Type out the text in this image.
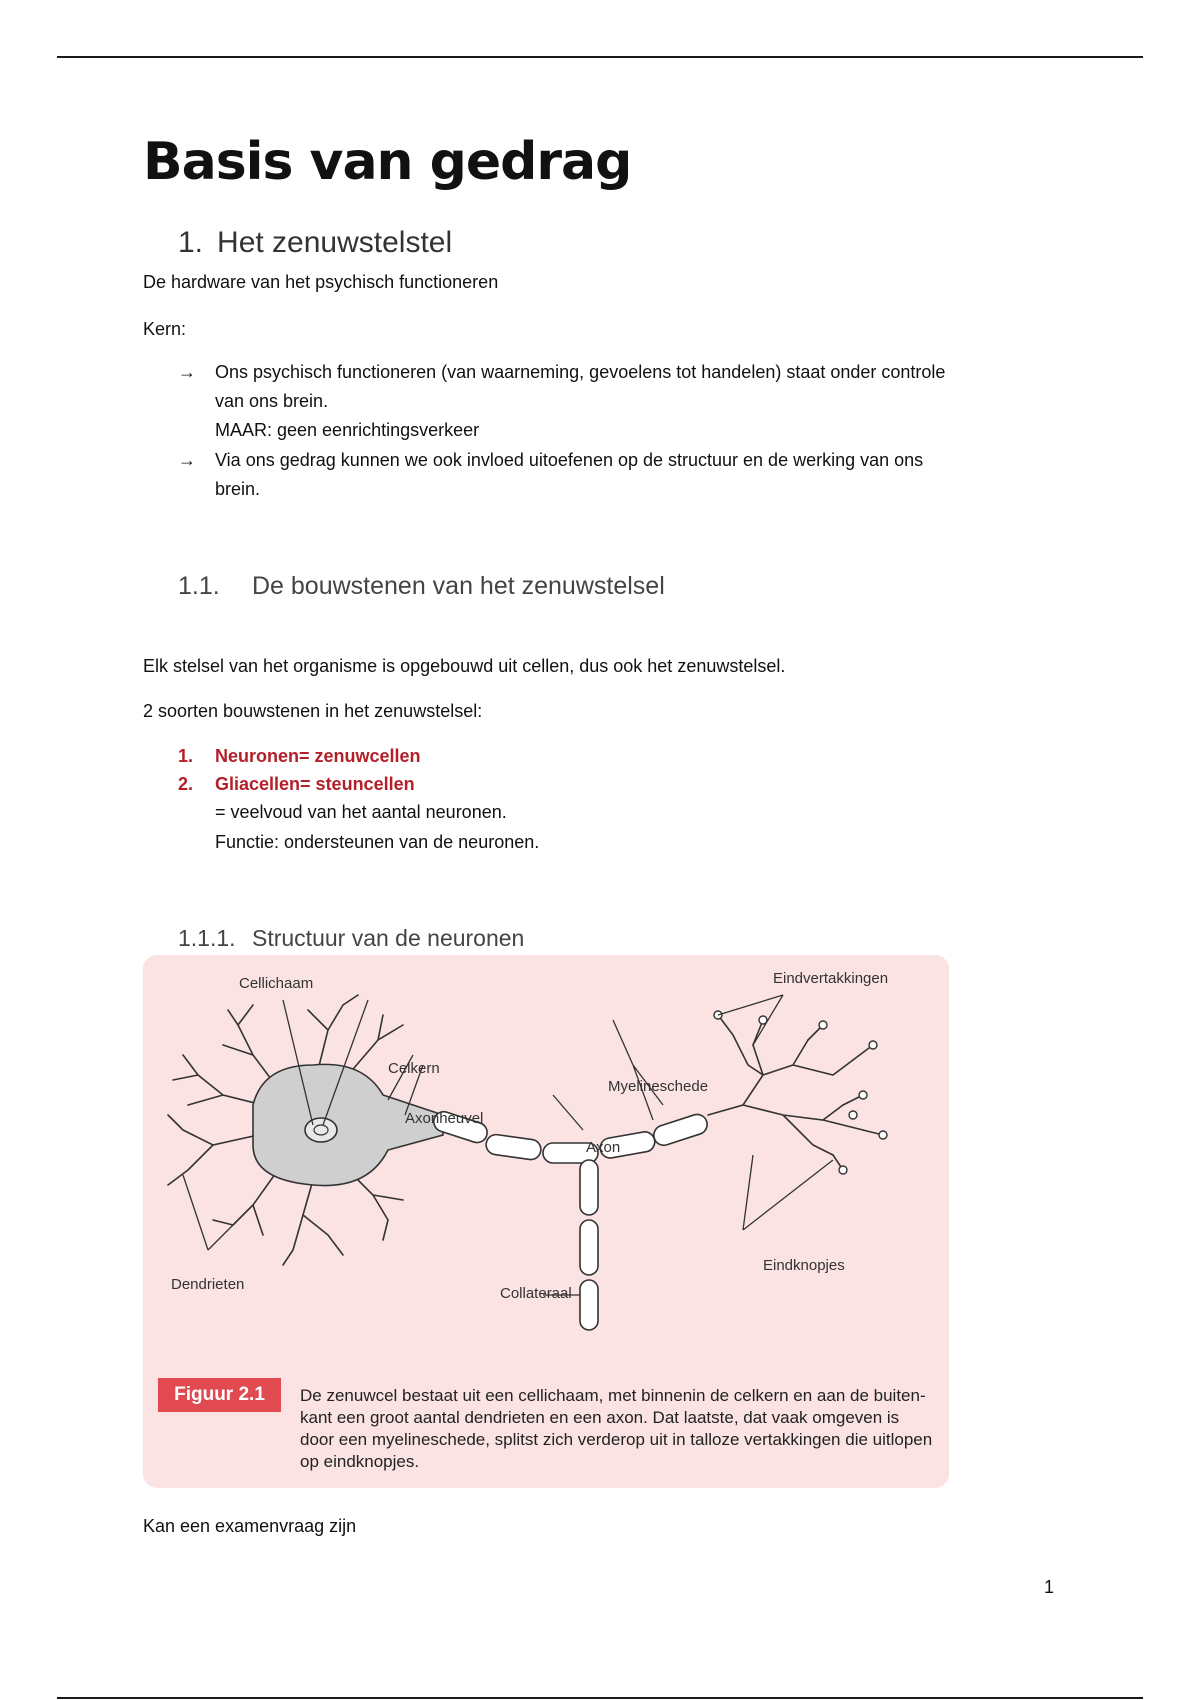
Basis van gedrag
1. Het zenuwstelstel

De hardware van het psychisch functioneren

Kern:

→ Ons psychisch functioneren (van waarneming, gevoelens tot handelen) staat onder controle
van ons brein.
MAAR: geen eenrichtingsverkeer
→ Via ons gedrag kunnen we ook invloed uitoefenen op de structuur en de werking van ons
brein.
1.1. De bouwstenen van het zenuwstelsel

Elk stelsel van het organisme is opgebouwd uit cellen, dus ook het zenuwstelsel.

2 soorten bouwstenen in het zenuwstelsel:

1. Neuronen= zenuwcellen
2. Gliacellen= steuncellen
= veelvoud van het aantal neuronen.
Functie: ondersteunen van de neuronen.
1.1.1. Structuur van de neuronen
Cellichaam
Celkern
Axonheuvel
Myelineschede
Axon
Eindvertakkingen
Eindknopjes
Dendrieten
Collateraal
Figuur 2.1	De zenuwcel bestaat uit een cellichaam, met binnenin de celkern en aan de buiten-kant een groot aantal dendrieten en een axon. Dat laatste, dat vaak omgeven is door een myelineschede, splitst zich verderop uit in talloze vertakkingen die uitlopen op eindknopjes.

Kan een examenvraag zijn

1
